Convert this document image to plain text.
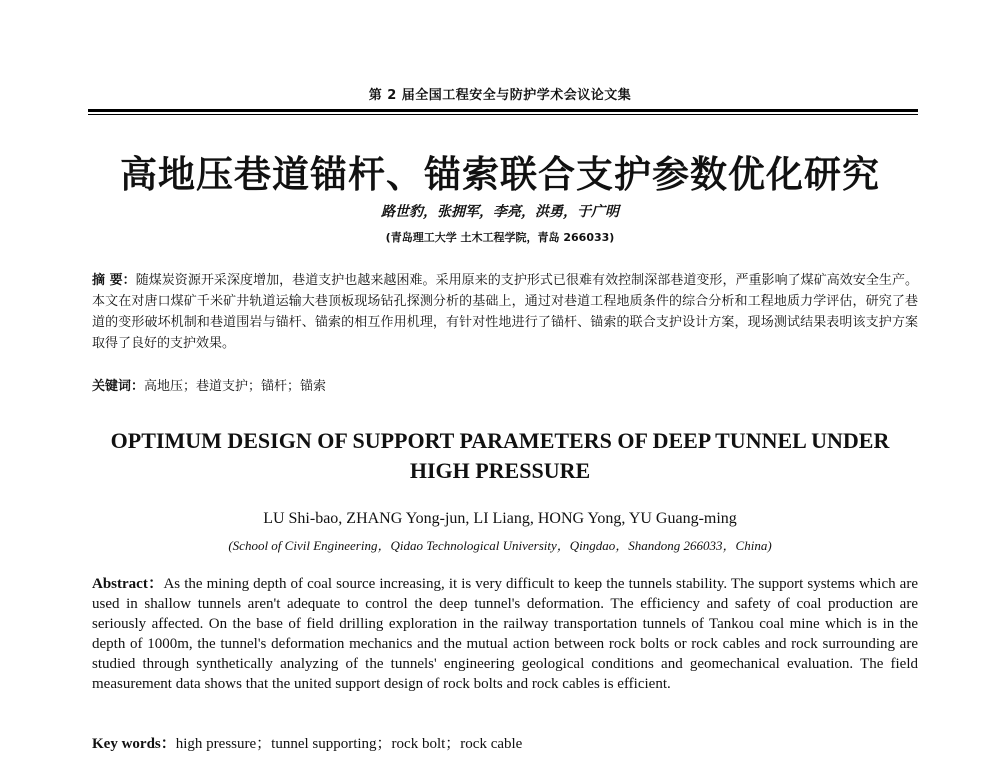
第 2 届全国工程安全与防护学术会议论文集
高地压巷道锚杆、锚索联合支护参数优化研究
路世豹，张拥军，李亮，洪勇，于广明
(青岛理工大学 土木工程学院，青岛 266033)
摘 要：随煤炭资源开采深度增加，巷道支护也越来越困难。采用原来的支护形式已很难有效控制深部巷道变形，严重影响了煤矿高效安全生产。本文在对唐口煤矿千米矿井轨道运输大巷顶板现场钻孔探测分析的基础上，通过对巷道工程地质条件的综合分析和工程地质力学评估，研究了巷道的变形破坏机制和巷道围岩与锚杆、锚索的相互作用机理，有针对性地进行了锚杆、锚索的联合支护设计方案，现场测试结果表明该支护方案取得了良好的支护效果。
关键词：高地压；巷道支护；锚杆；锚索
OPTIMUM DESIGN OF SUPPORT PARAMETERS OF DEEP TUNNEL UNDER HIGH PRESSURE
LU Shi-bao, ZHANG Yong-jun, LI Liang, HONG Yong, YU Guang-ming
(School of Civil Engineering，Qidao Technological University，Qingdao，Shandong 266033，China)
Abstract：As the mining depth of coal source increasing, it is very difficult to keep the tunnels stability. The support systems which are used in shallow tunnels aren't adequate to control the deep tunnel's deformation. The efficiency and safety of coal production are seriously affected. On the base of field drilling exploration in the railway transportation tunnels of Tankou coal mine which is in the depth of 1000m, the tunnel's deformation mechanics and the mutual action between rock bolts or rock cables and rock surrounding are studied through synthetically analyzing of the tunnels' engineering geological conditions and geomechanical evaluation. The field measurement data shows that the united support design of rock bolts and rock cables is efficient.
Key words：high pressure；tunnel supporting；rock bolt；rock cable
